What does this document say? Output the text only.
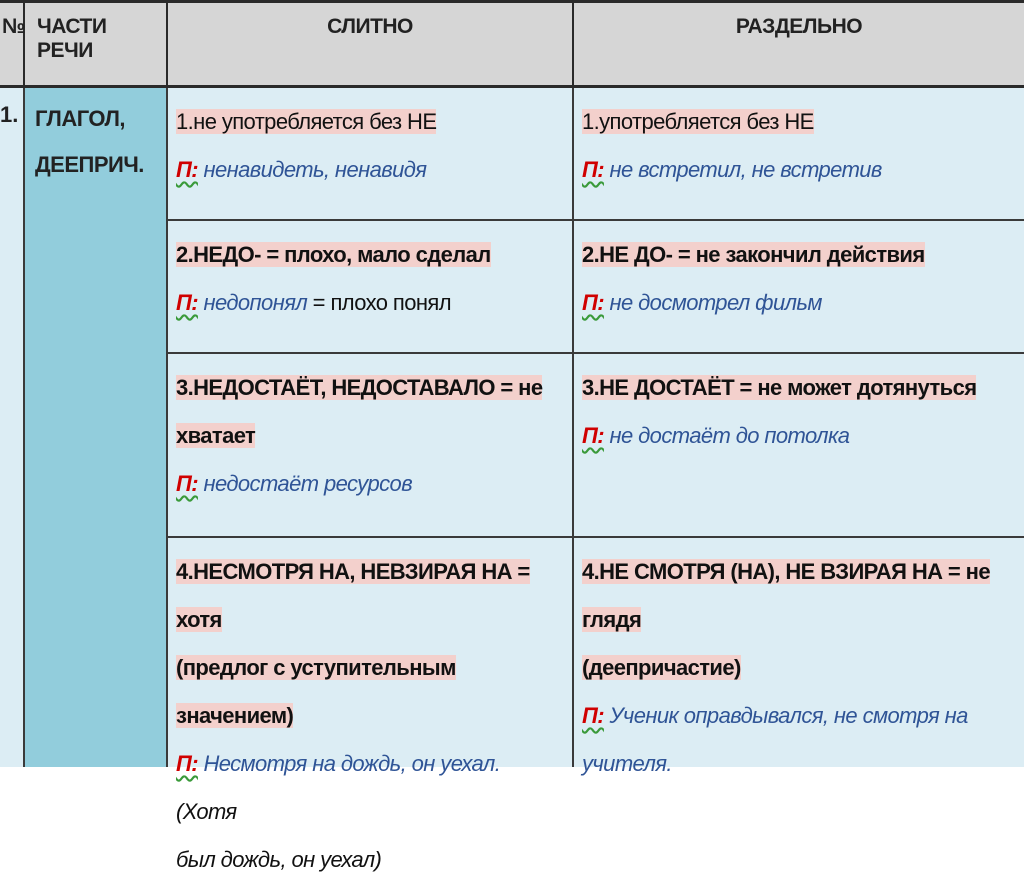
№ ЧАСТИ РЕЧИ
СЛИТНО	РАЗДЕЛЬНО
1. ГЛАГОЛ,
ДЕЕПРИЧ.
1.не употребляется без НЕ
П: ненавидеть, ненавидя
1.употребляется без НЕ
П: не встретил, не встретив
2.НЕДО- = плохо, мало сделал
П: недопонял = плохо понял
2.НЕ ДО- = не закончил действия
П: не досмотрел фильм
3.НЕДОСТАЁТ, НЕДОСТАВАЛО = не
хватает
П: недостаёт ресурсов
3.НЕ ДОСТАЁТ = не может дотянуться
П: не достаёт до потолка
4.НЕСМОТРЯ НА, НЕВЗИРАЯ НА = хотя
(предлог с уступительным значением)
П: Несмотря на дождь, он уехал. (Хотя
был дождь, он уехал)
4.НЕ СМОТРЯ (НА), НЕ ВЗИРАЯ НА = не глядя
(деепричастие)
П: Ученик оправдывался, не смотря на
учителя.
